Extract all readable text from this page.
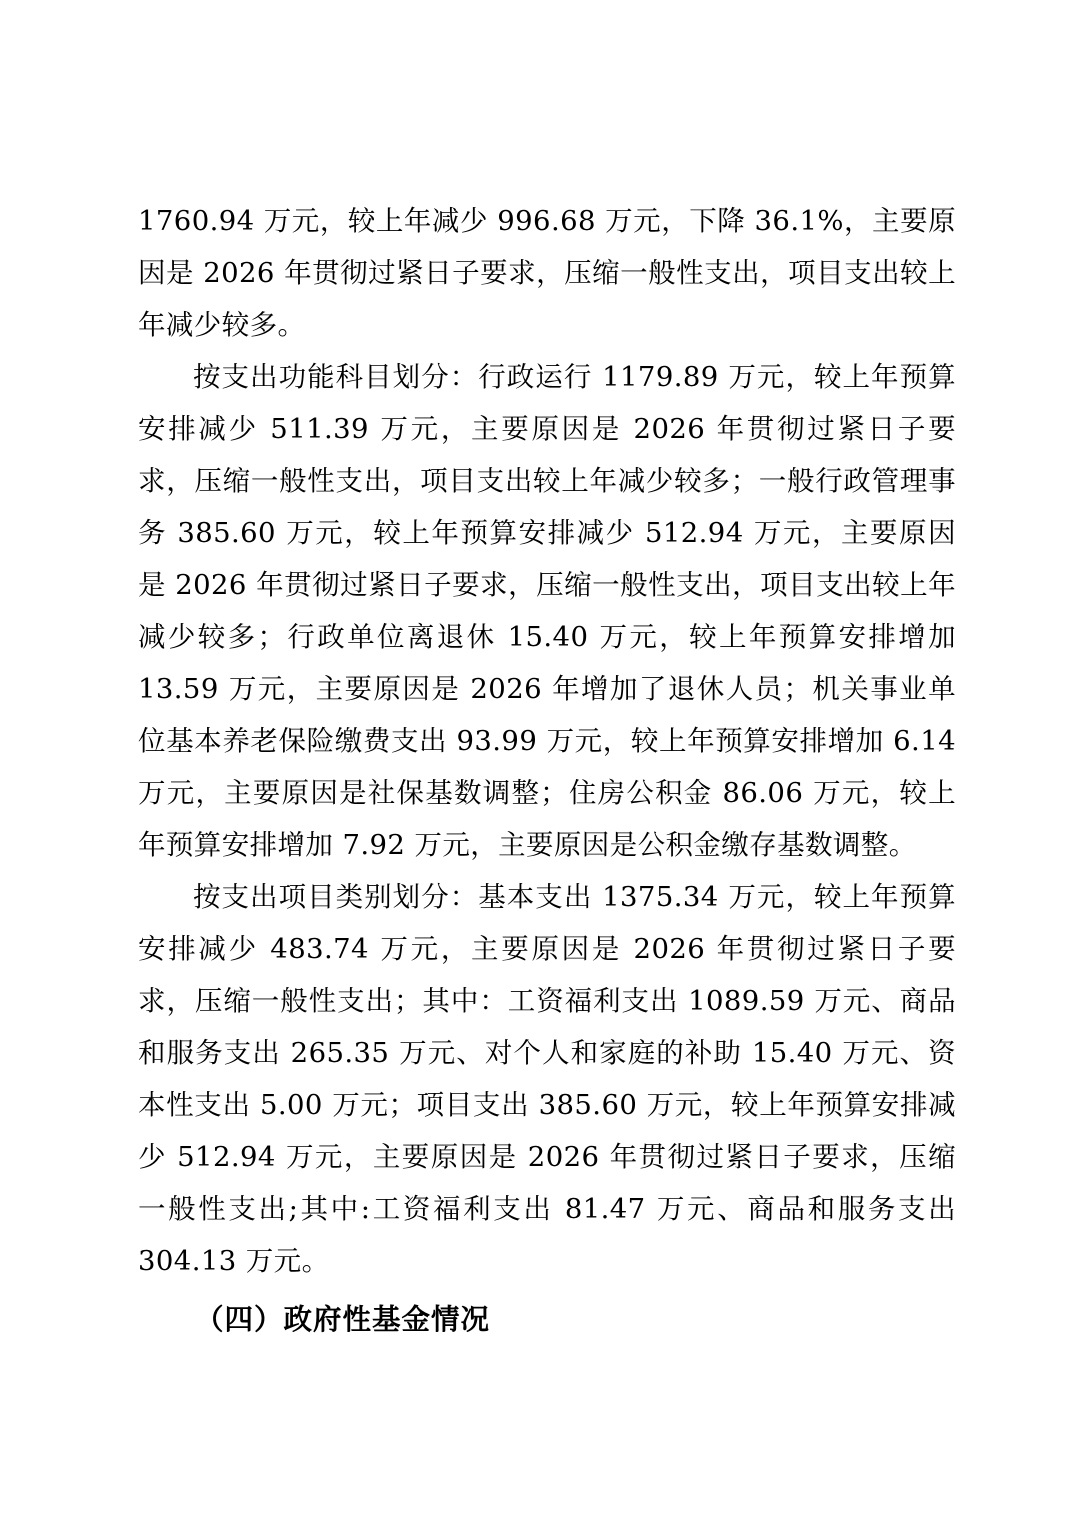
1760.94 万元，较上年减少 996.68 万元，下降 36.1%，主要原因是 2026 年贯彻过紧日子要求，压缩一般性支出，项目支出较上年减少较多。

按支出功能科目划分：行政运行 1179.89 万元，较上年预算安排减少 511.39 万元，主要原因是 2026 年贯彻过紧日子要求，压缩一般性支出，项目支出较上年减少较多；一般行政管理事务 385.60 万元，较上年预算安排减少 512.94 万元，主要原因是 2026 年贯彻过紧日子要求，压缩一般性支出，项目支出较上年减少较多；行政单位离退休 15.40 万元，较上年预算安排增加 13.59 万元，主要原因是 2026 年增加了退休人员；机关事业单位基本养老保险缴费支出 93.99 万元，较上年预算安排增加 6.14 万元，主要原因是社保基数调整；住房公积金 86.06 万元，较上年预算安排增加 7.92 万元，主要原因是公积金缴存基数调整。

按支出项目类别划分：基本支出 1375.34 万元，较上年预算安排减少 483.74 万元，主要原因是 2026 年贯彻过紧日子要求，压缩一般性支出；其中：工资福利支出 1089.59 万元、商品和服务支出 265.35 万元、对个人和家庭的补助 15.40 万元、资本性支出 5.00 万元；项目支出 385.60 万元，较上年预算安排减少 512.94 万元，主要原因是 2026 年贯彻过紧日子要求，压缩一般性支出;其中:工资福利支出 81.47 万元、商品和服务支出 304.13 万元。

（四）政府性基金情况
